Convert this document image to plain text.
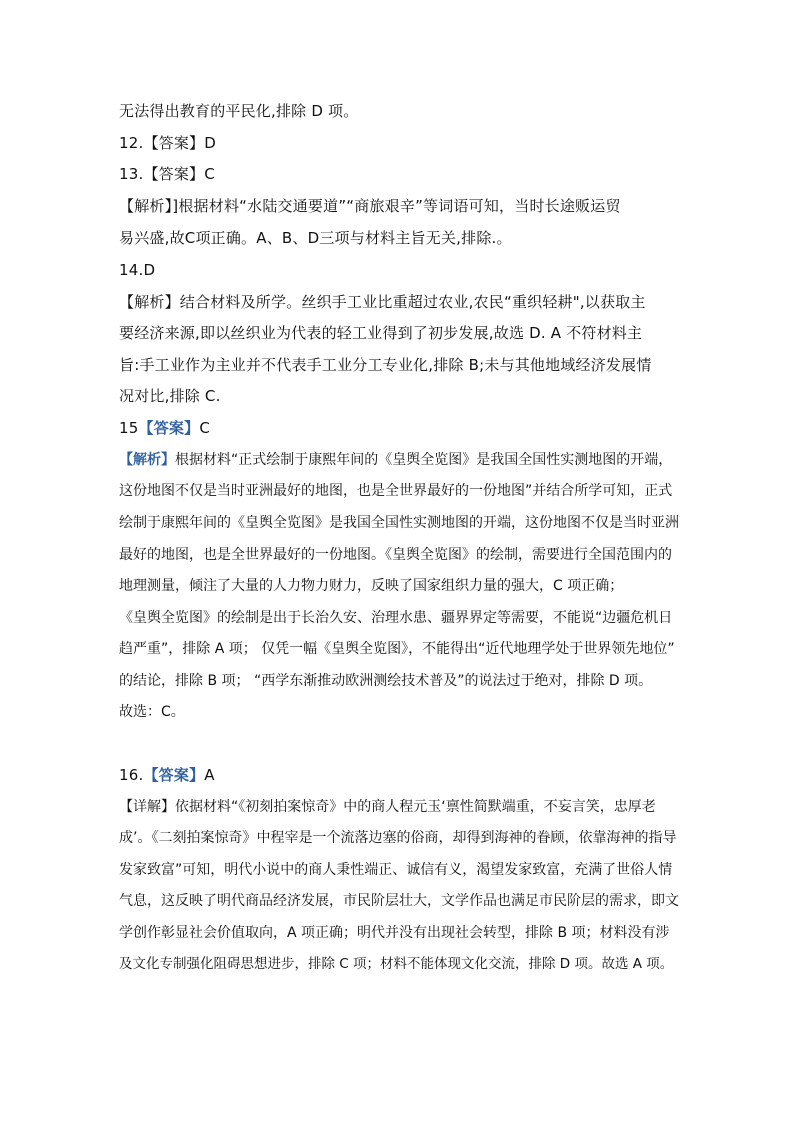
无法得出教育的平民化,排除 D 项。
12.【答案】D
13.【答案】C
【解析】]根据材料“水陆交通要道”“商旅艰辛”等词语可知，当时长途贩运贸
易兴盛,故C项正确。A、B、D三项与材料主旨无关,排除.。
14.D
【解析】结合材料及所学。丝织手工业比重超过农业,农民“重织轻耕",以获取主
要经济来源,即以丝织业为代表的轻工业得到了初步发展,故选 D. A 不符材料主
旨:手工业作为主业并不代表手工业分工专业化,排除 B;未与其他地域经济发展情
况对比,排除 C.
15【答案】C
【解析】根据材料“正式绘制于康熙年间的《皇舆全览图》是我国全国性实测地图的开端，
这份地图不仅是当时亚洲最好的地图，也是全世界最好的一份地图”并结合所学可知，正式
绘制于康熙年间的《皇舆全览图》是我国全国性实测地图的开端，这份地图不仅是当时亚洲
最好的地图，也是全世界最好的一份地图。《皇舆全览图》的绘制，需要进行全国范围内的
地理测量，倾注了大量的人力物力财力，反映了国家组织力量的强大，C 项正确；
《皇舆全览图》的绘制是出于长治久安、治理水患、疆界界定等需要，不能说“边疆危机日
趋严重”，排除 A 项； 仅凭一幅《皇舆全览图》，不能得出“近代地理学处于世界领先地位”
的结论，排除 B 项； “西学东渐推动欧洲测绘技术普及”的说法过于绝对，排除 D 项。
故选：C。
16.【答案】A
【详解】依据材料“《初刻拍案惊奇》中的商人程元玉‘禀性简默端重，不妄言笑，忠厚老
成’。《二刻拍案惊奇》中程宰是一个流落边塞的俗商，却得到海神的眷顾，依靠海神的指导
发家致富”可知，明代小说中的商人秉性端正、诚信有义，渴望发家致富，充满了世俗人情
气息，这反映了明代商品经济发展，市民阶层壮大，文学作品也满足市民阶层的需求，即文
学创作彰显社会价值取向，A 项正确；明代并没有出现社会转型，排除 B 项；材料没有涉
及文化专制强化阻碍思想进步，排除 C 项；材料不能体现文化交流，排除 D 项。故选 A 项。
